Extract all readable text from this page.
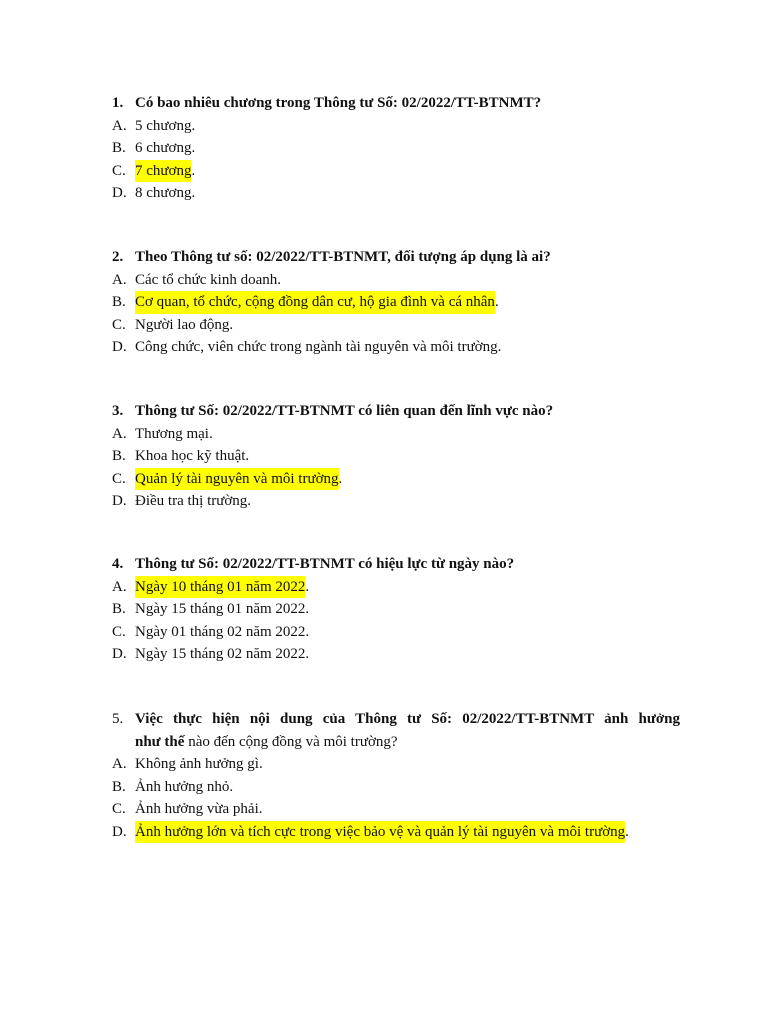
1. Có bao nhiêu chương trong Thông tư Số: 02/2022/TT-BTNMT?
A. 5 chương .
B. 6 chương .
C. 7 chương .
D. 8 chương .
2. Theo Thông tư số: 02/2022/TT-BTNMT, đối tượng áp dụng là ai?
A. Các tổ chức kinh doanh .
B. Cơ quan, tổ chức, cộng đồng dân cư, hộ gia đình và cá nhân .
C. Người lao động .
D. Công chức, viên chức trong ngành tài nguyên và môi trường .
3. Thông tư Số: 02/2022/TT-BTNMT có liên quan đến lĩnh vực nào?
A. Thương mại .
B. Khoa học kỹ thuật .
C. Quản lý tài nguyên và môi trường .
D. Điều tra thị trường .
4. Thông tư Số: 02/2022/TT-BTNMT có hiệu lực từ ngày nào?
A. Ngày 10 tháng 01 năm 2022 .
B. Ngày 15 tháng 01 năm 2022 .
C. Ngày 01 tháng 02 năm 2022 .
D. Ngày 15 tháng 02 năm 2022 .
5. Việc thực hiện nội dung của Thông tư Số: 02/2022/TT-BTNMT ảnh hưởng
như thế nào đến cộng đồng và môi trường?
A. Không ảnh hưởng gì .
B. Ảnh hưởng nhỏ .
C. Ảnh hưởng vừa phải .
D. Ảnh hưởng lớn và tích cực trong việc bảo vệ và quản lý tài nguyên và môi trường .
